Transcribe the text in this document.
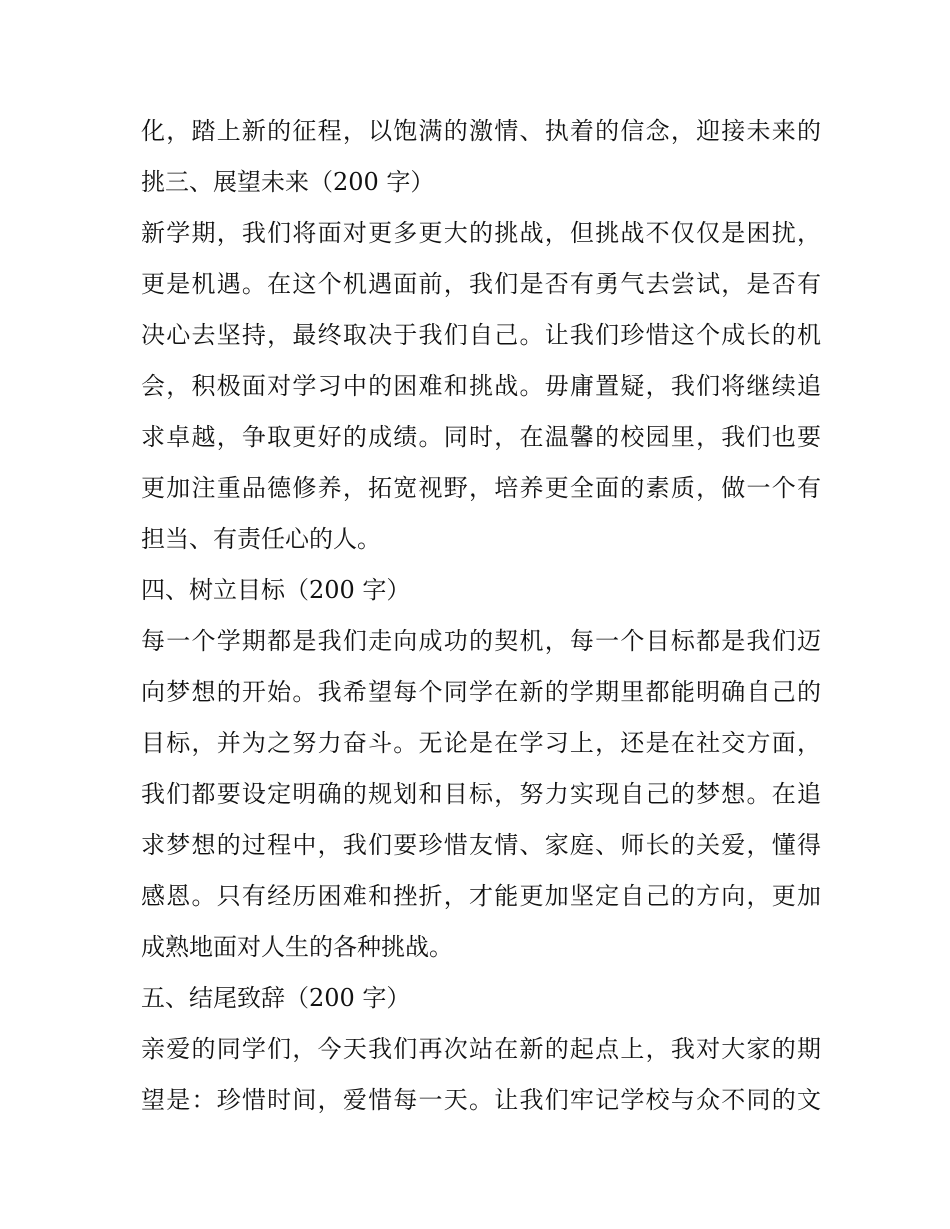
化，踏上新的征程，以饱满的激情、执着的信念，迎接未来的
挑三、展望未来（200 字）
新学期，我们将面对更多更大的挑战，但挑战不仅仅是困扰，
更是机遇。在这个机遇面前，我们是否有勇气去尝试，是否有
决心去坚持，最终取决于我们自己。让我们珍惜这个成长的机
会，积极面对学习中的困难和挑战。毋庸置疑，我们将继续追
求卓越，争取更好的成绩。同时，在温馨的校园里，我们也要
更加注重品德修养，拓宽视野，培养更全面的素质，做一个有
担当、有责任心的人。
四、树立目标（200 字）
每一个学期都是我们走向成功的契机，每一个目标都是我们迈
向梦想的开始。我希望每个同学在新的学期里都能明确自己的
目标，并为之努力奋斗。无论是在学习上，还是在社交方面，
我们都要设定明确的规划和目标，努力实现自己的梦想。在追
求梦想的过程中，我们要珍惜友情、家庭、师长的关爱，懂得
感恩。只有经历困难和挫折，才能更加坚定自己的方向，更加
成熟地面对人生的各种挑战。
五、结尾致辞（200 字）
亲爱的同学们，今天我们再次站在新的起点上，我对大家的期
望是：珍惜时间，爱惜每一天。让我们牢记学校与众不同的文
